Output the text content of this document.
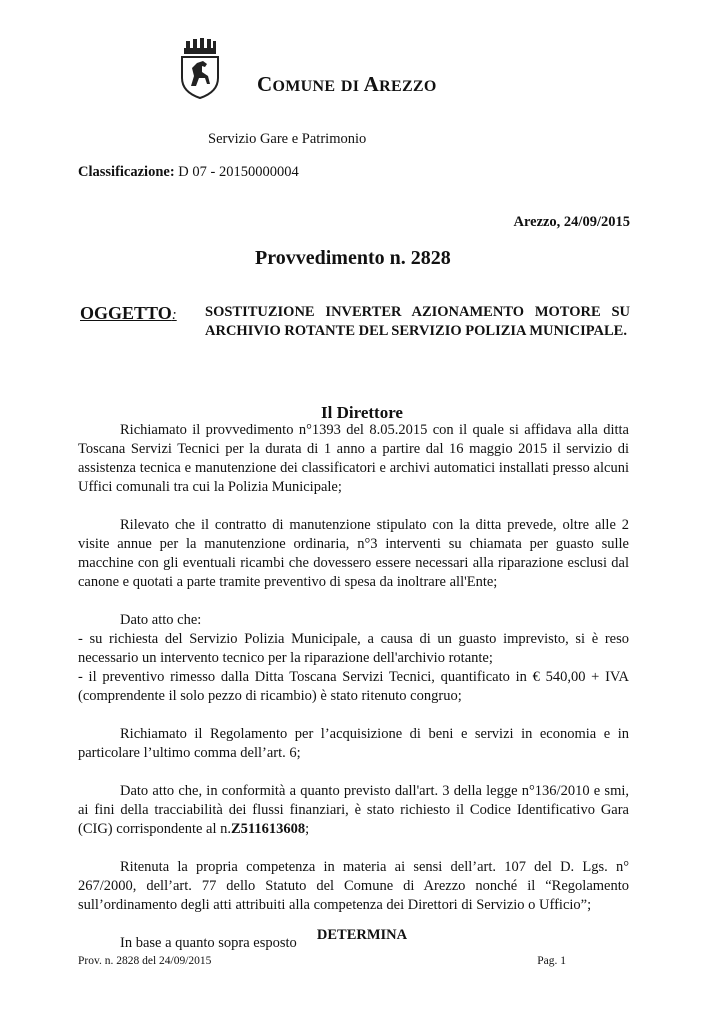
COMUNE DI AREZZO
Servizio Gare e Patrimonio
Classificazione: D 07 - 20150000004
Arezzo, 24/09/2015
Provvedimento n. 2828
OGGETTO: SOSTITUZIONE INVERTER AZIONAMENTO MOTORE SU ARCHIVIO ROTANTE DEL SERVIZIO POLIZIA MUNICIPALE.
Il Direttore

Richiamato il provvedimento n°1393 del 8.05.2015 con il quale si affidava alla ditta Toscana Servizi Tecnici per la durata di 1 anno a partire dal 16 maggio 2015 il servizio di assistenza tecnica e manutenzione dei classificatori e archivi automatici installati presso alcuni Uffici comunali tra cui la Polizia Municipale;

Rilevato che il contratto di manutenzione stipulato con la ditta prevede, oltre alle 2 visite annue per la manutenzione ordinaria, n°3 interventi su chiamata per guasto sulle macchine con gli eventuali ricambi che dovessero essere necessari alla riparazione esclusi dal canone e quotati a parte tramite preventivo di spesa da inoltrare all'Ente;

Dato atto che:

- su richiesta del Servizio Polizia Municipale, a causa di un guasto imprevisto, si è reso necessario un intervento tecnico per la riparazione dell'archivio rotante;

- il preventivo rimesso dalla Ditta Toscana Servizi Tecnici, quantificato in € 540,00 + IVA (comprendente il solo pezzo di ricambio) è stato ritenuto congruo;

Richiamato il Regolamento per l’acquisizione di beni e servizi in economia e in particolare l’ultimo comma dell’art. 6;

Dato atto che, in conformità a quanto previsto dall'art. 3 della legge n°136/2010 e smi, ai fini della tracciabilità dei flussi finanziari, è stato richiesto il Codice Identificativo Gara (CIG) corrispondente al n.Z511613608;

Ritenuta la propria competenza in materia ai sensi dell’art. 107 del D. Lgs. n° 267/2000, dell’art. 77 dello Statuto del Comune di Arezzo nonché il “Regolamento sull’ordinamento degli atti attribuiti alla competenza dei Direttori di Servizio o Ufficio”;

In base a quanto sopra esposto	DETERMINA
Prov. n. 2828 del 24/09/2015	Pag. 1
